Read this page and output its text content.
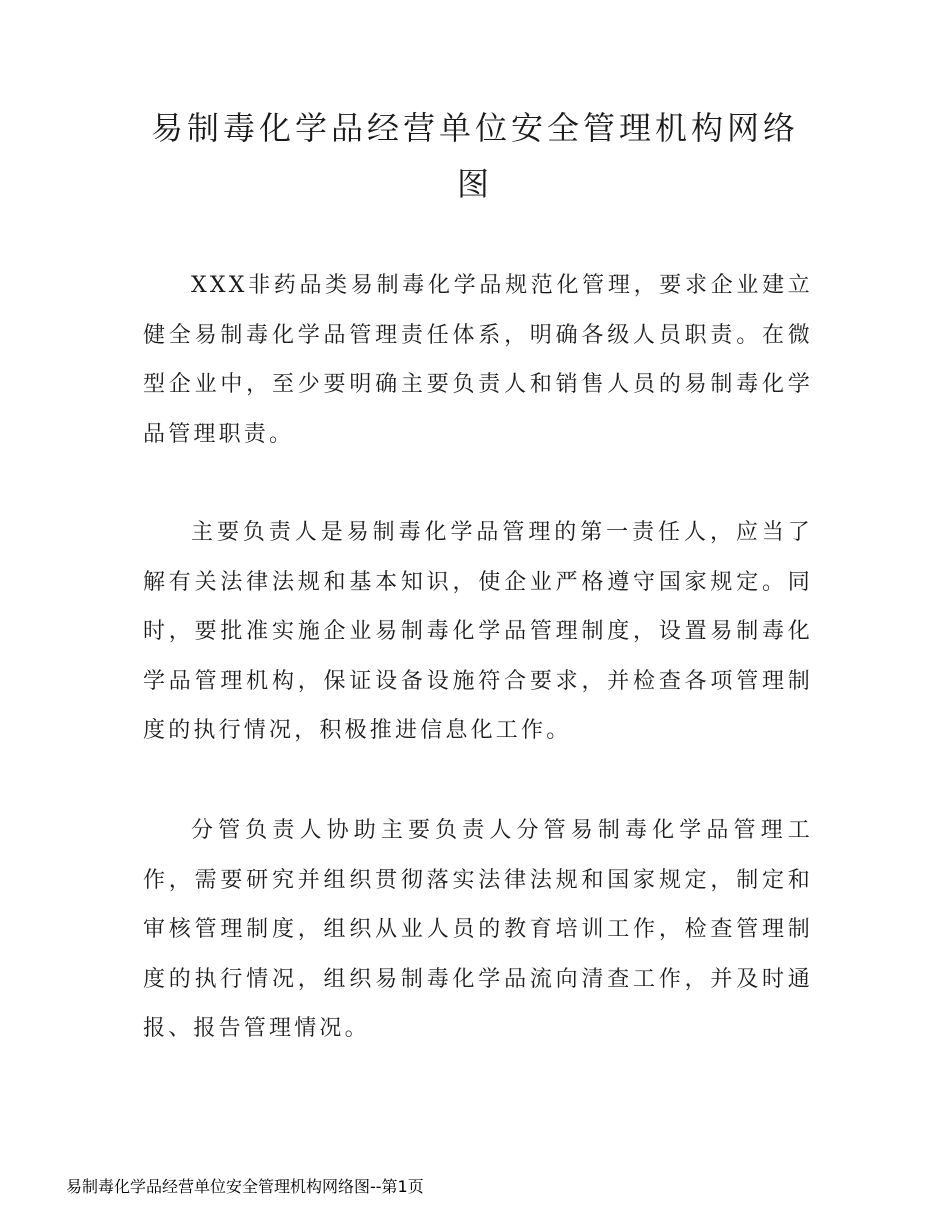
易制毒化学品经营单位安全管理机构网络图

XXX非药品类易制毒化学品规范化管理，要求企业建立健全易制毒化学品管理责任体系，明确各级人员职责。在微型企业中，至少要明确主要负责人和销售人员的易制毒化学品管理职责。

主要负责人是易制毒化学品管理的第一责任人，应当了解有关法律法规和基本知识，使企业严格遵守国家规定。同时，要批准实施企业易制毒化学品管理制度，设置易制毒化学品管理机构，保证设备设施符合要求，并检查各项管理制度的执行情况，积极推进信息化工作。

分管负责人协助主要负责人分管易制毒化学品管理工作，需要研究并组织贯彻落实法律法规和国家规定，制定和审核管理制度，组织从业人员的教育培训工作，检查管理制度的执行情况，组织易制毒化学品流向清查工作，并及时通报、报告管理情况。

易制毒化学品经营单位安全管理机构网络图--第1页
